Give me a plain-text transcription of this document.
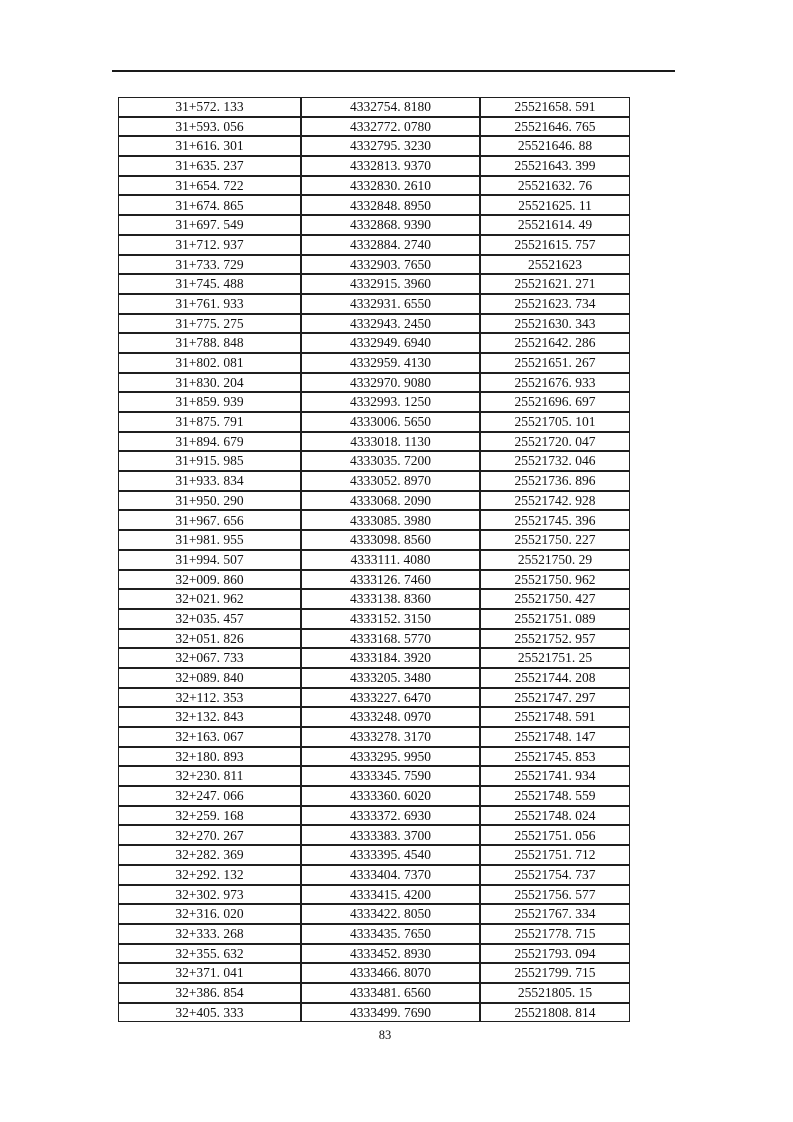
31+572. 133	4332754. 8180	25521658. 591
31+593. 056	4332772. 0780	25521646. 765
31+616. 301	4332795. 3230	25521646. 88
31+635. 237	4332813. 9370	25521643. 399
31+654. 722	4332830. 2610	25521632. 76
31+674. 865	4332848. 8950	25521625. 11
31+697. 549	4332868. 9390	25521614. 49
31+712. 937	4332884. 2740	25521615. 757
31+733. 729	4332903. 7650	25521623
31+745. 488	4332915. 3960	25521621. 271
31+761. 933	4332931. 6550	25521623. 734
31+775. 275	4332943. 2450	25521630. 343
31+788. 848	4332949. 6940	25521642. 286
31+802. 081	4332959. 4130	25521651. 267
31+830. 204	4332970. 9080	25521676. 933
31+859. 939	4332993. 1250	25521696. 697
31+875. 791	4333006. 5650	25521705. 101
31+894. 679	4333018. 1130	25521720. 047
31+915. 985	4333035. 7200	25521732. 046
31+933. 834	4333052. 8970	25521736. 896
31+950. 290	4333068. 2090	25521742. 928
31+967. 656	4333085. 3980	25521745. 396
31+981. 955	4333098. 8560	25521750. 227
31+994. 507	4333111. 4080	25521750. 29
32+009. 860	4333126. 7460	25521750. 962
32+021. 962	4333138. 8360	25521750. 427
32+035. 457	4333152. 3150	25521751. 089
32+051. 826	4333168. 5770	25521752. 957
32+067. 733	4333184. 3920	25521751. 25
32+089. 840	4333205. 3480	25521744. 208
32+112. 353	4333227. 6470	25521747. 297
32+132. 843	4333248. 0970	25521748. 591
32+163. 067	4333278. 3170	25521748. 147
32+180. 893	4333295. 9950	25521745. 853
32+230. 811	4333345. 7590	25521741. 934
32+247. 066	4333360. 6020	25521748. 559
32+259. 168	4333372. 6930	25521748. 024
32+270. 267	4333383. 3700	25521751. 056
32+282. 369	4333395. 4540	25521751. 712
32+292. 132	4333404. 7370	25521754. 737
32+302. 973	4333415. 4200	25521756. 577
32+316. 020	4333422. 8050	25521767. 334
32+333. 268	4333435. 7650	25521778. 715
32+355. 632	4333452. 8930	25521793. 094
32+371. 041	4333466. 8070	25521799. 715
32+386. 854	4333481. 6560	25521805. 15
32+405. 333	4333499. 7690	25521808. 814
83
